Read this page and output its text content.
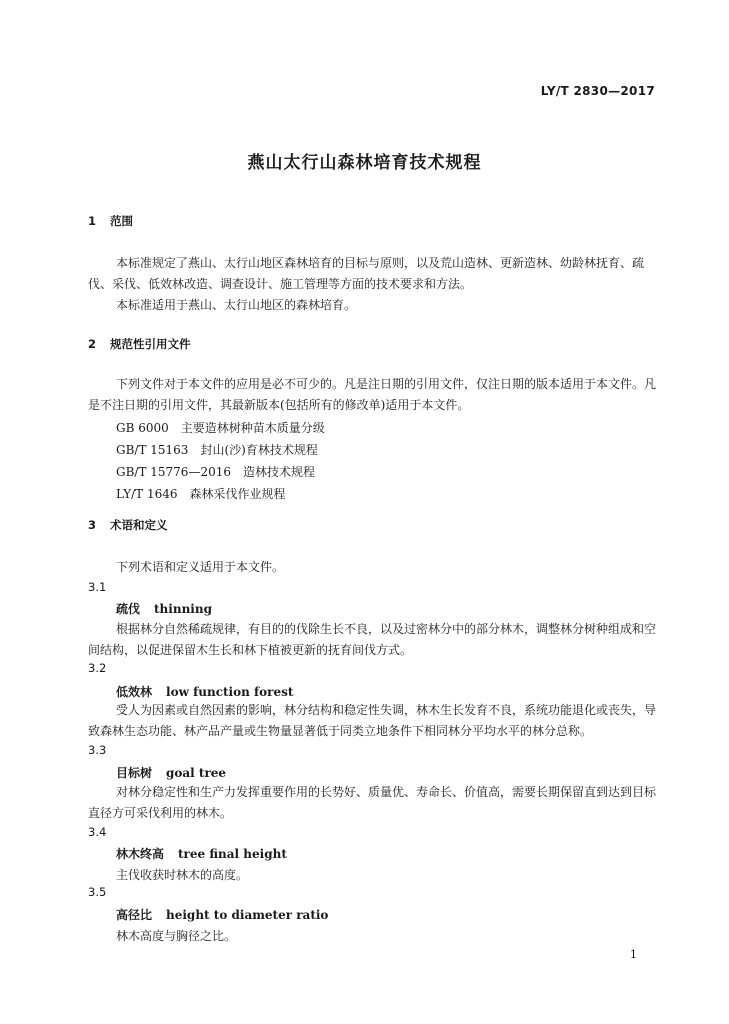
LY/T 2830—2017
燕山太行山森林培育技术规程
1 范围
本标准规定了燕山、太行山地区森林培育的目标与原则，以及荒山造林、更新造林、幼龄林抚育、疏伐、采伐、低效林改造、调查设计、施工管理等方面的技术要求和方法。
本标准适用于燕山、太行山地区的森林培育。
2 规范性引用文件
下列文件对于本文件的应用是必不可少的。凡是注日期的引用文件，仅注日期的版本适用于本文件。凡是不注日期的引用文件，其最新版本(包括所有的修改单)适用于本文件。
GB 6000 主要造林树种苗木质量分级
GB/T 15163 封山(沙)育林技术规程
GB/T 15776—2016 造林技术规程
LY/T 1646 森林采伐作业规程
3 术语和定义
下列术语和定义适用于本文件。
3.1
疏伐 thinning
根据林分自然稀疏规律，有目的的伐除生长不良，以及过密林分中的部分林木，调整林分树种组成和空间结构，以促进保留木生长和林下植被更新的抚育间伐方式。
3.2
低效林 low function forest
受人为因素或自然因素的影响，林分结构和稳定性失调，林木生长发育不良，系统功能退化或丧失，导致森林生态功能、林产品产量或生物量显著低于同类立地条件下相同林分平均水平的林分总称。
3.3
目标树 goal tree
对林分稳定性和生产力发挥重要作用的长势好、质量优、寿命长、价值高，需要长期保留直到达到目标直径方可采伐利用的林木。
3.4
林木终高 tree final height
主伐收获时林木的高度。
3.5
高径比 height to diameter ratio
林木高度与胸径之比。
1
